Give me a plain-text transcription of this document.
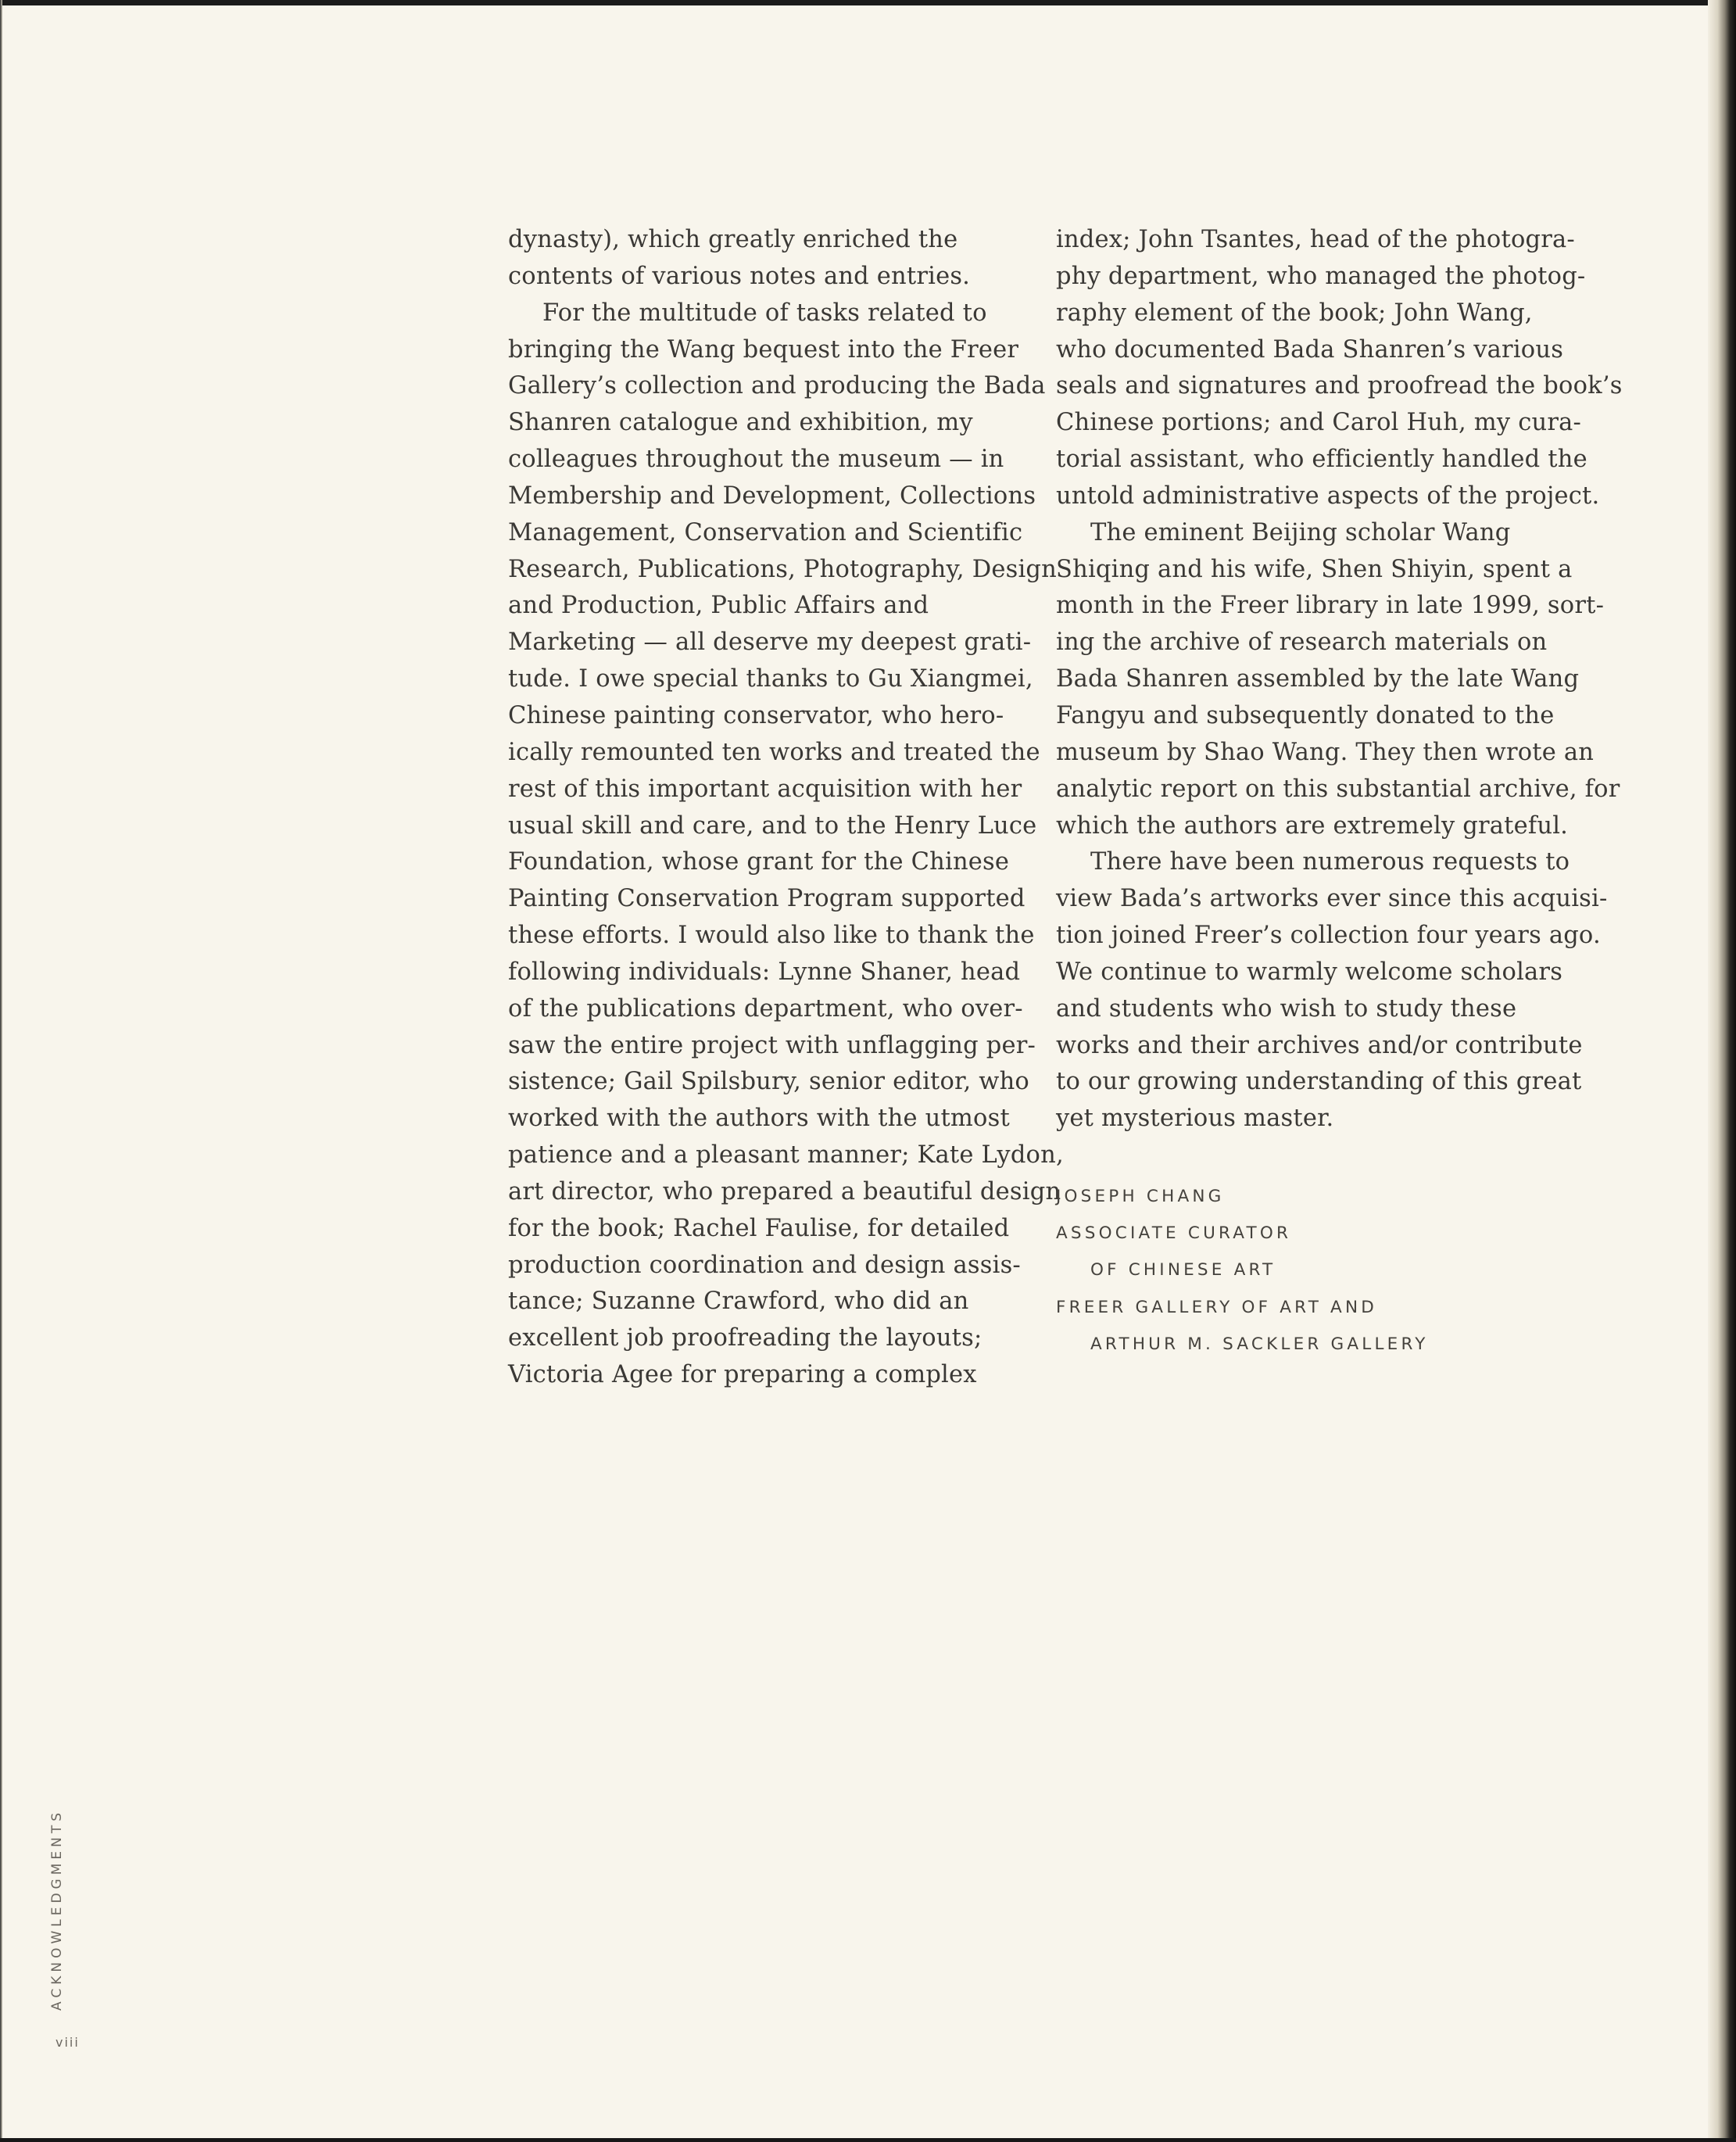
dynasty), which greatly enriched the
contents of various notes and entries.
For the multitude of tasks related to
bringing the Wang bequest into the Freer
Gallery’s collection and producing the Bada
Shanren catalogue and exhibition, my
colleagues throughout the museum — in
Membership and Development, Collections
Management, Conservation and Scientific
Research, Publications, Photography, Design
and Production, Public Affairs and
Marketing — all deserve my deepest grati-
tude. I owe special thanks to Gu Xiangmei,
Chinese painting conservator, who hero-
ically remounted ten works and treated the
rest of this important acquisition with her
usual skill and care, and to the Henry Luce
Foundation, whose grant for the Chinese
Painting Conservation Program supported
these efforts. I would also like to thank the
following individuals: Lynne Shaner, head
of the publications department, who over-
saw the entire project with unflagging per-
sistence; Gail Spilsbury, senior editor, who
worked with the authors with the utmost
patience and a pleasant manner; Kate Lydon,
art director, who prepared a beautiful design
for the book; Rachel Faulise, for detailed
production coordination and design assis-
tance; Suzanne Crawford, who did an
excellent job proofreading the layouts;
Victoria Agee for preparing a complex
index; John Tsantes, head of the photogra-
phy department, who managed the photog-
raphy element of the book; John Wang,
who documented Bada Shanren’s various
seals and signatures and proofread the book’s
Chinese portions; and Carol Huh, my cura-
torial assistant, who efficiently handled the
untold administrative aspects of the project.
The eminent Beijing scholar Wang
Shiqing and his wife, Shen Shiyin, spent a
month in the Freer library in late 1999, sort-
ing the archive of research materials on
Bada Shanren assembled by the late Wang
Fangyu and subsequently donated to the
museum by Shao Wang. They then wrote an
analytic report on this substantial archive, for
which the authors are extremely grateful.
There have been numerous requests to
view Bada’s artworks ever since this acquisi-
tion joined Freer’s collection four years ago.
We continue to warmly welcome scholars
and students who wish to study these
works and their archives and/or contribute
to our growing understanding of this great
yet mysterious master.
JOSEPH CHANG
ASSOCIATE CURATOR
OF CHINESE ART
FREER GALLERY OF ART AND
ARTHUR M. SACKLER GALLERY
ACKNOWLEDGMENTS
viii
